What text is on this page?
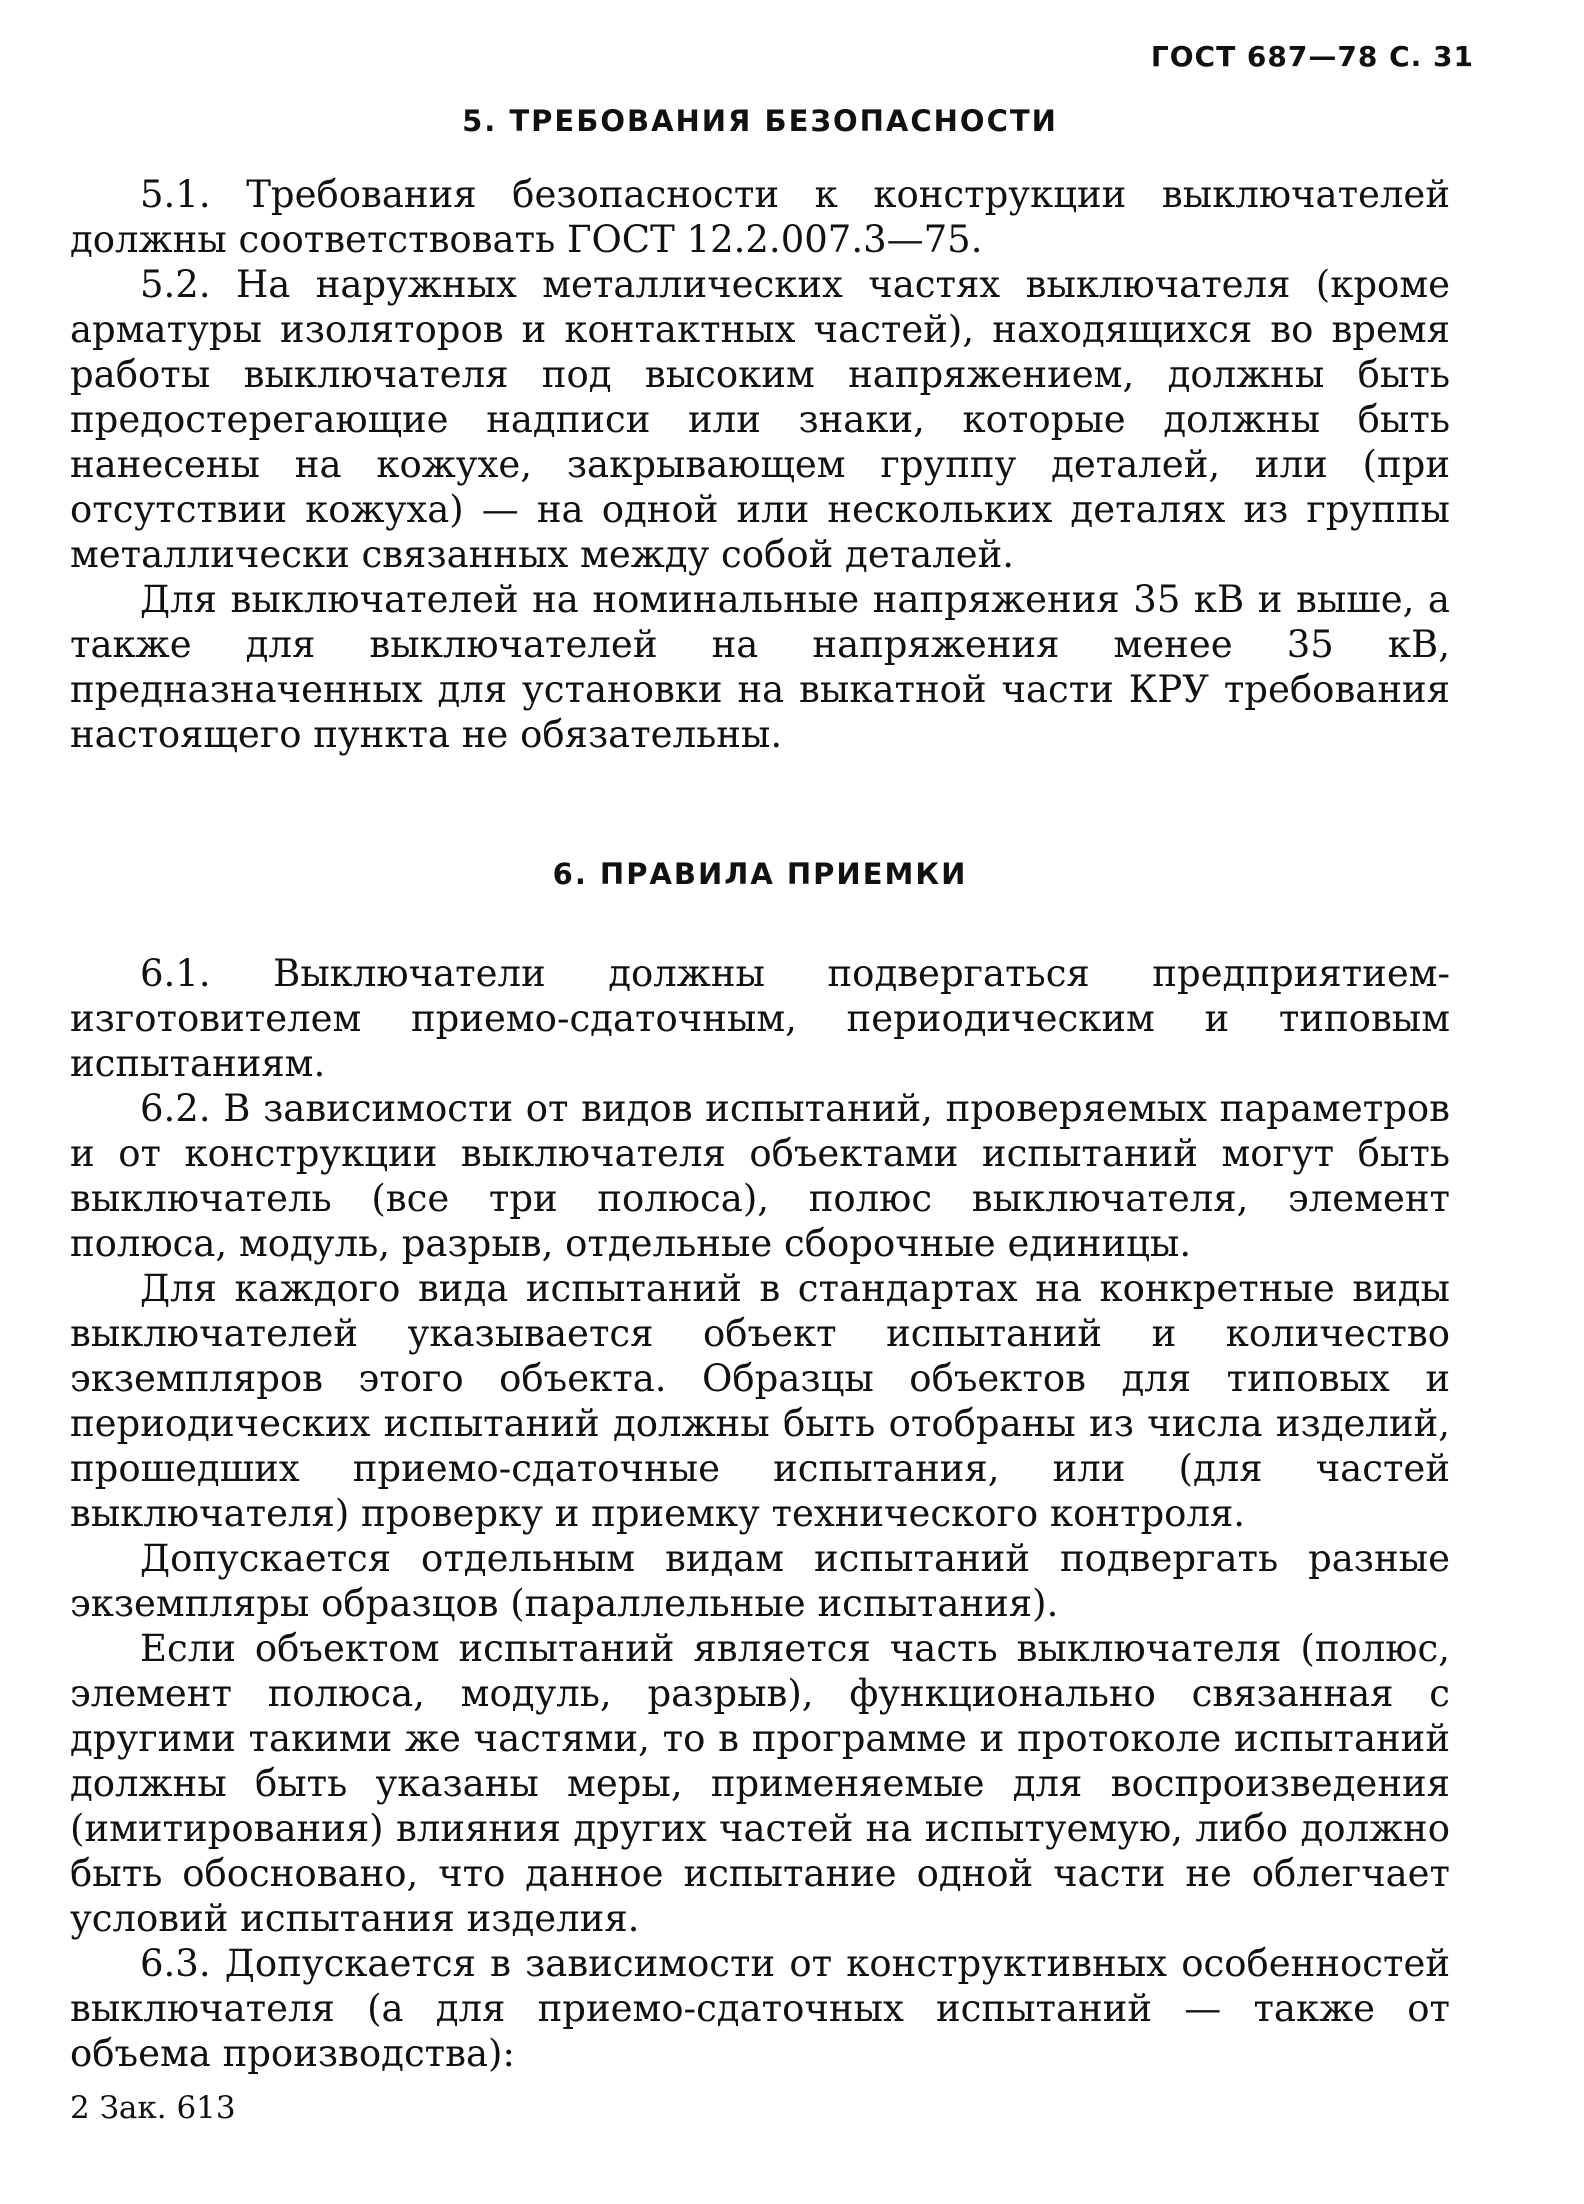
ГОСТ 687—78 С. 31
5. ТРЕБОВАНИЯ БЕЗОПАСНОСТИ

5.1. Требования безопасности к конструкции выключателей должны соответствовать ГОСТ 12.2.007.3—75.

5.2. На наружных металлических частях выключателя (кроме арматуры изоляторов и контактных частей), находящихся во время работы выключателя под высоким напряжением, должны быть предостерегающие надписи или знаки, которые должны быть нанесены на кожухе, закрывающем группу деталей, или (при отсутствии кожуха) — на одной или нескольких деталях из группы металлически связанных между собой деталей.

Для выключателей на номинальные напряжения 35 кВ и выше, а также для выключателей на напряжения менее 35 кВ, предназначенных для установки на выкатной части КРУ требования настоящего пункта не обязательны.

6. ПРАВИЛА ПРИЕМКИ

6.1. Выключатели должны подвергаться предприятием-изготовителем приемо-сдаточным, периодическим и типовым испытаниям.

6.2. В зависимости от видов испытаний, проверяемых параметров и от конструкции выключателя объектами испытаний могут быть выключатель (все три полюса), полюс выключателя, элемент полюса, модуль, разрыв, отдельные сборочные единицы.

Для каждого вида испытаний в стандартах на конкретные виды выключателей указывается объект испытаний и количество экземпляров этого объекта. Образцы объектов для типовых и периодических испытаний должны быть отобраны из числа изделий, прошедших приемо-сдаточные испытания, или (для частей выключателя) проверку и приемку технического контроля.

Допускается отдельным видам испытаний подвергать разные экземпляры образцов (параллельные испытания).

Если объектом испытаний является часть выключателя (полюс, элемент полюса, модуль, разрыв), функционально связанная с другими такими же частями, то в программе и протоколе испытаний должны быть указаны меры, применяемые для воспроизведения (имитирования) влияния других частей на испытуемую, либо должно быть обосновано, что данное испытание одной части не облегчает условий испытания изделия.

6.3. Допускается в зависимости от конструктивных особенностей выключателя (а для приемо-сдаточных испытаний — также от объема производства):

2 Зак. 613
